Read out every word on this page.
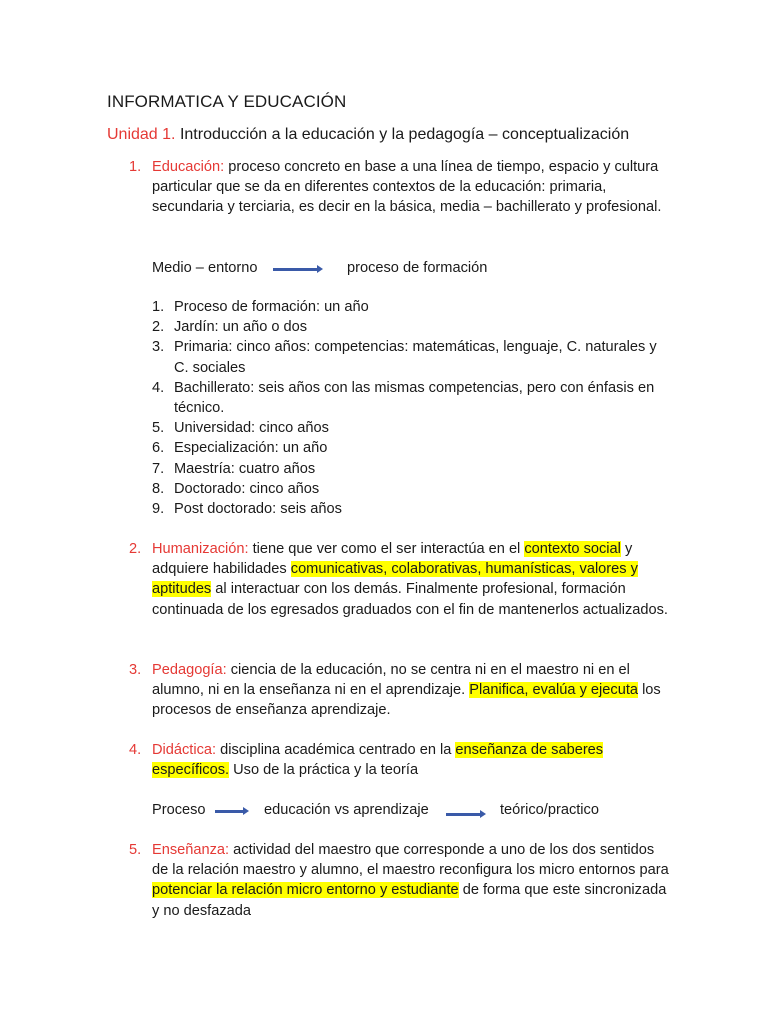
INFORMATICA Y EDUCACIÓN
Unidad 1. Introducción a la educación y la pedagogía – conceptualización
1. Educación: proceso concreto en base a una línea de tiempo, espacio y cultura particular que se da en diferentes contextos de la educación: primaria, secundaria y terciaria, es decir en la básica, media – bachillerato y profesional.
Medio – entorno	proceso de formación
1. Proceso de formación: un año
2. Jardín: un año o dos
3. Primaria: cinco años: competencias: matemáticas, lenguaje, C. naturales y C. sociales
4. Bachillerato: seis años con las mismas competencias, pero con énfasis en técnico.
5. Universidad: cinco años
6. Especialización: un año
7. Maestría: cuatro años
8. Doctorado: cinco años
9. Post doctorado: seis años
2. Humanización: tiene que ver como el ser interactúa en el contexto social y adquiere habilidades comunicativas, colaborativas, humanísticas, valores y aptitudes al interactuar con los demás. Finalmente profesional, formación continuada de los egresados graduados con el fin de mantenerlos actualizados.
3. Pedagogía: ciencia de la educación, no se centra ni en el maestro ni en el alumno, ni en la enseñanza ni en el aprendizaje. Planifica, evalúa y ejecuta los procesos de enseñanza aprendizaje.
4. Didáctica: disciplina académica centrado en la enseñanza de saberes específicos. Uso de la práctica y la teoría
Proceso	educación vs aprendizaje	teórico/practico
5. Enseñanza: actividad del maestro que corresponde a uno de los dos sentidos de la relación maestro y alumno, el maestro reconfigura los micro entornos para potenciar la relación micro entorno y estudiante de forma que este sincronizada y no desfazada
